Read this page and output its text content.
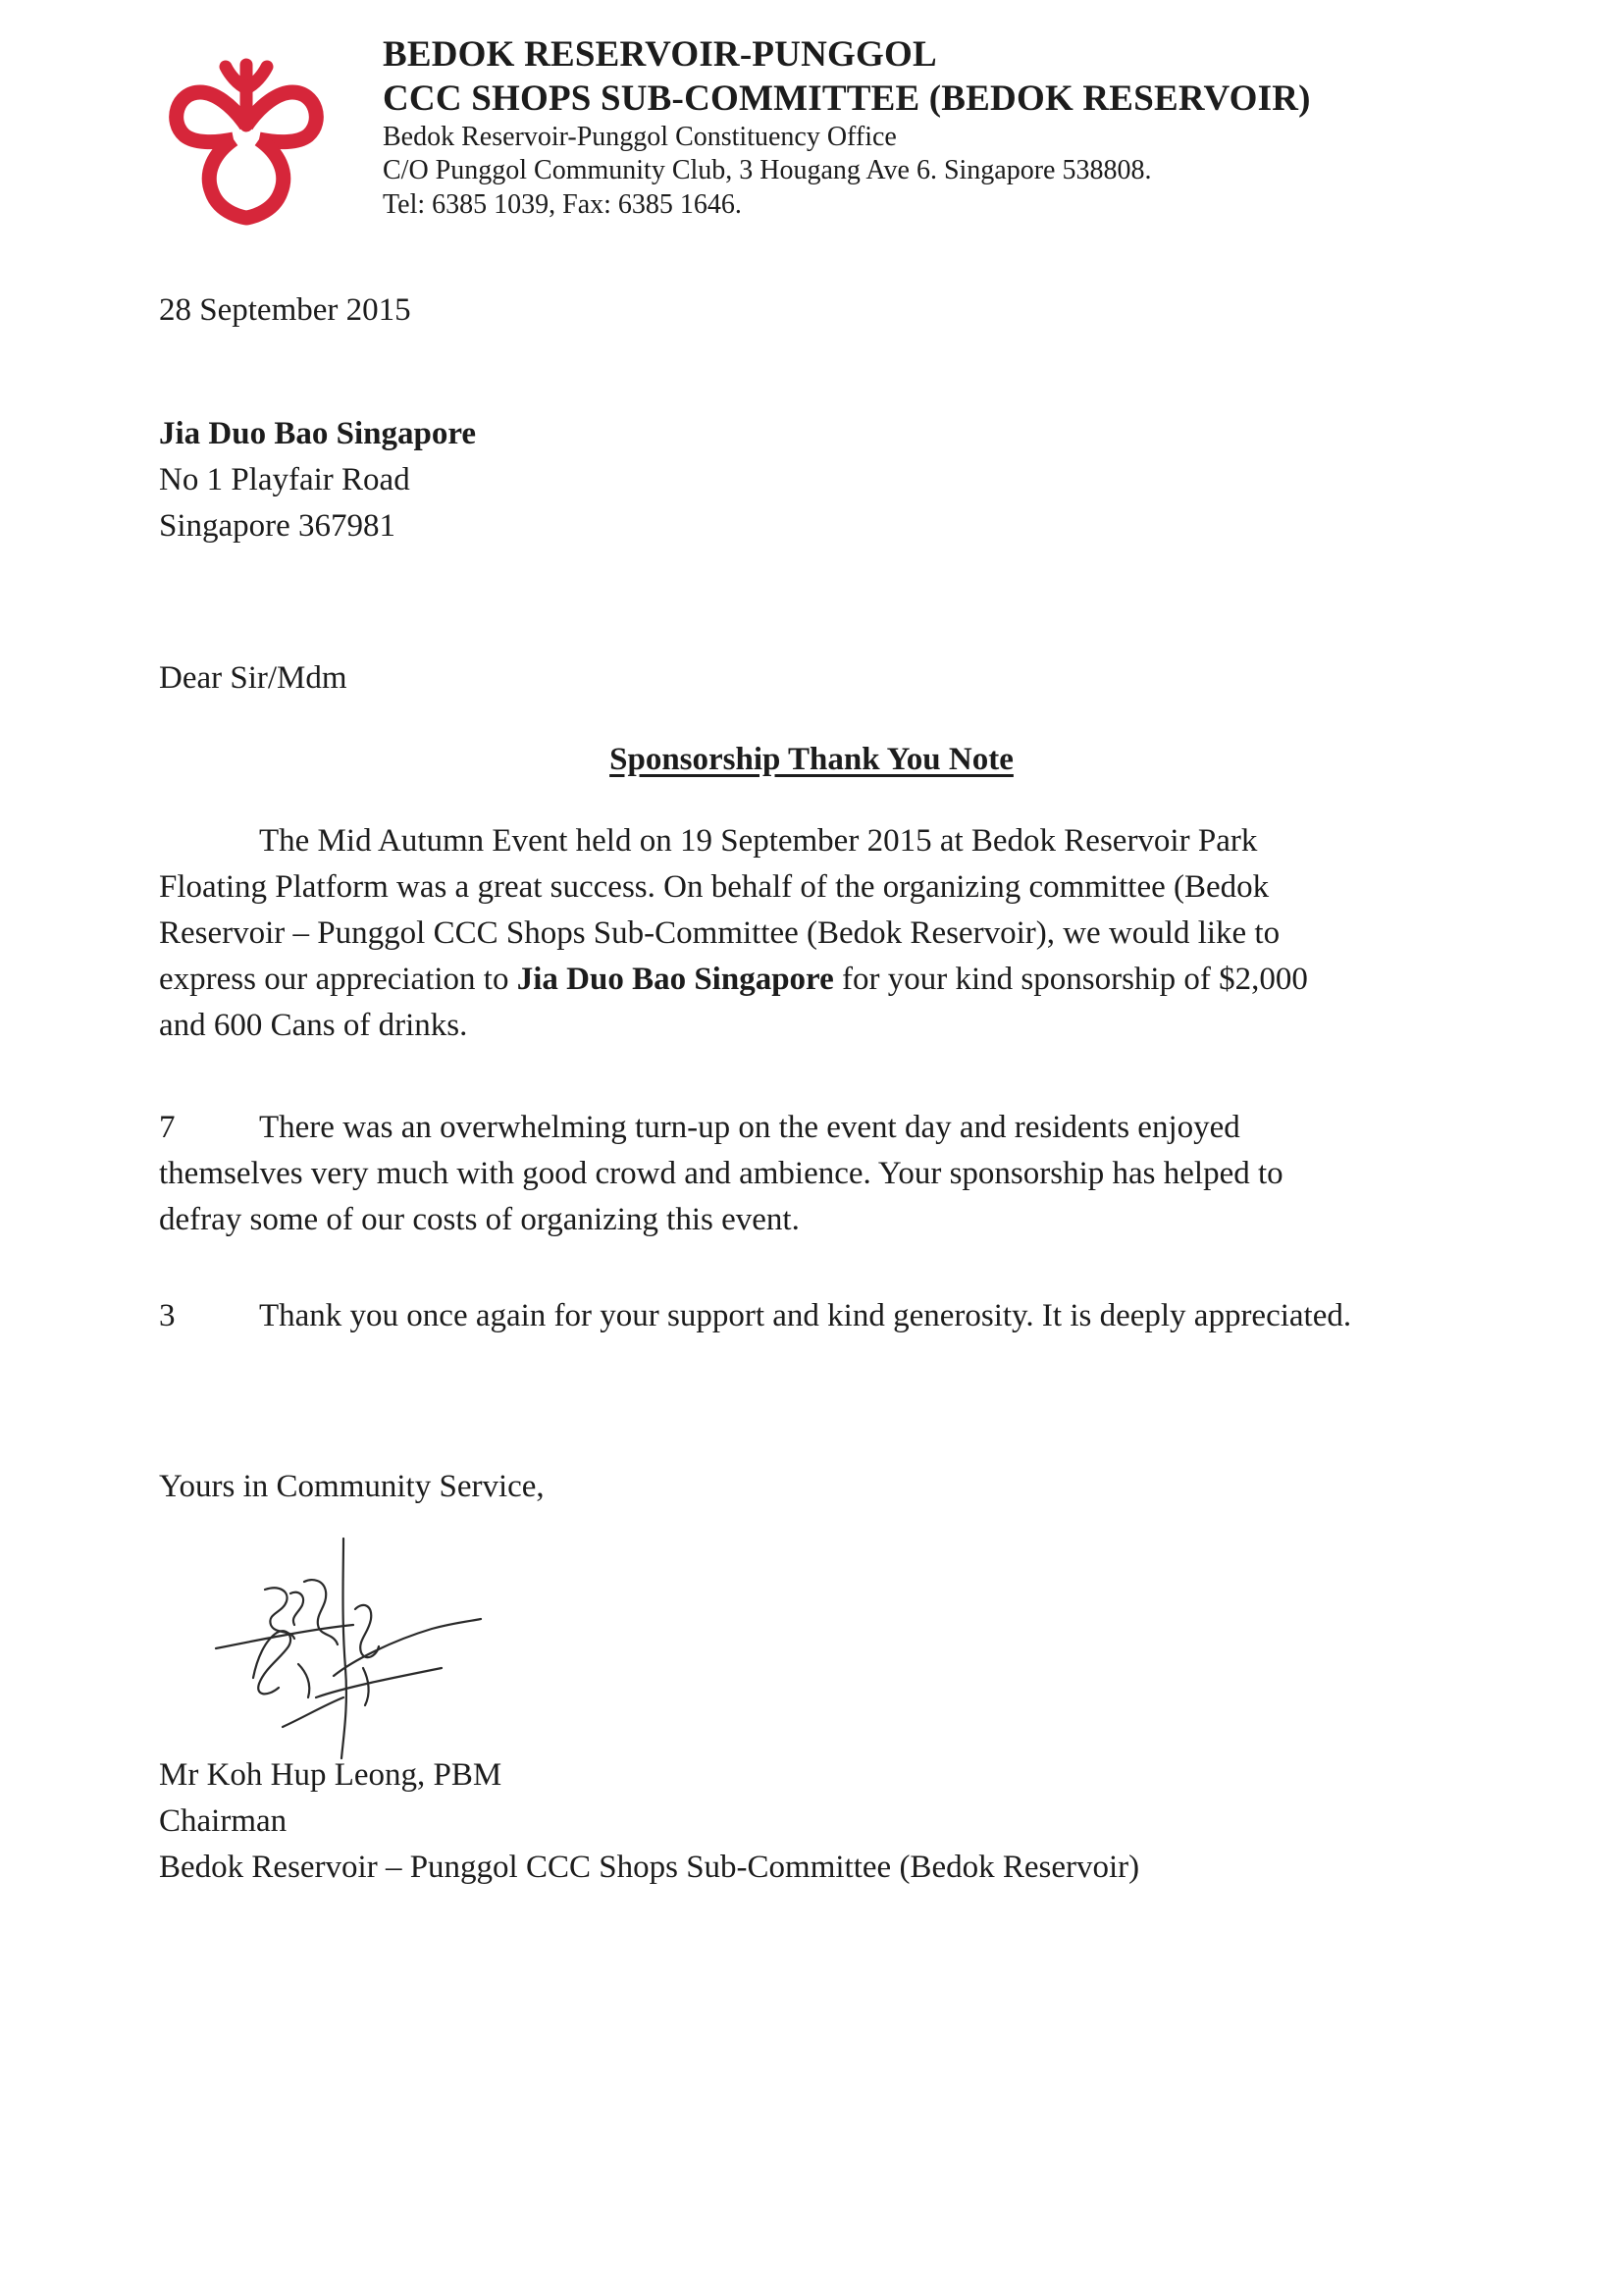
BEDOK RESERVOIR-PUNGGOL
CCC SHOPS SUB-COMMITTEE (BEDOK RESERVOIR)
Bedok Reservoir-Punggol Constituency Office
C/O Punggol Community Club, 3 Hougang Ave 6. Singapore 538808.
Tel: 6385 1039, Fax: 6385 1646.
28 September 2015
Jia Duo Bao Singapore
No 1 Playfair Road
Singapore 367981
Dear Sir/Mdm
Sponsorship Thank You Note
The Mid Autumn Event held on 19 September 2015 at Bedok Reservoir Park
Floating Platform was a great success. On behalf of the organizing committee (Bedok
Reservoir – Punggol CCC Shops Sub-Committee (Bedok Reservoir), we would like to
express our appreciation to Jia Duo Bao Singapore for your kind sponsorship of $2,000
and 600 Cans of drinks.
7	There was an overwhelming turn-up on the event day and residents enjoyed
themselves very much with good crowd and ambience. Your sponsorship has helped to
defray some of our costs of organizing this event.
3	Thank you once again for your support and kind generosity. It is deeply appreciated.
Yours in Community Service,
Mr Koh Hup Leong, PBM
Chairman
Bedok Reservoir – Punggol CCC Shops Sub-Committee (Bedok Reservoir)
